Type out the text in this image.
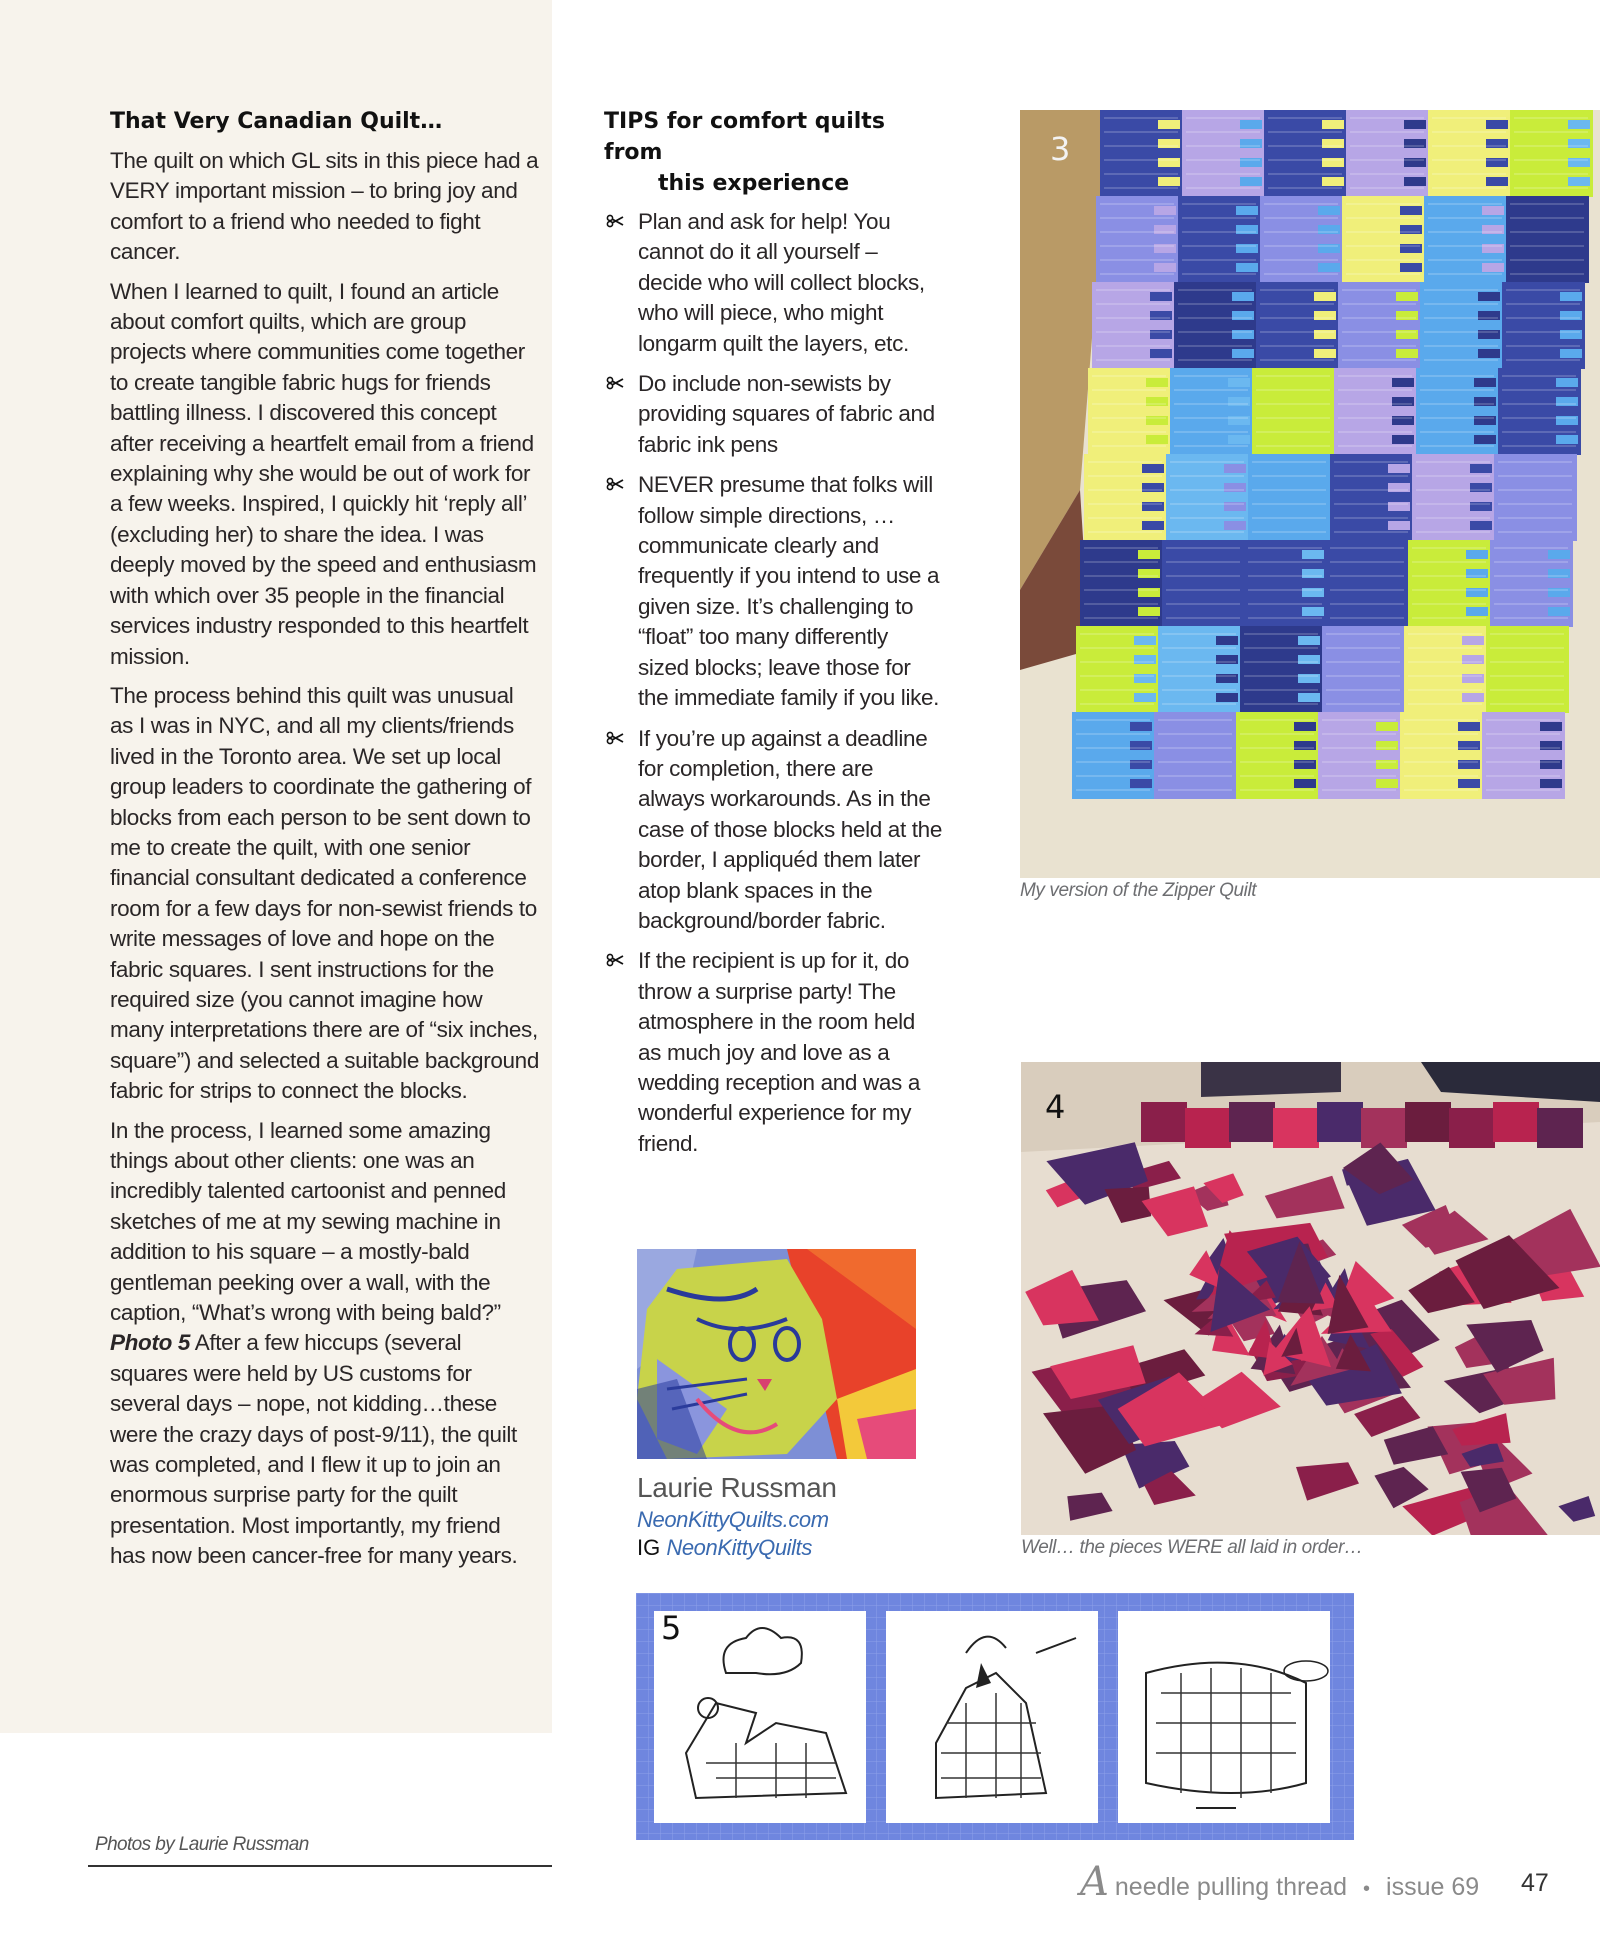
That Very Canadian Quilt…

The quilt on which GL sits in this piece had a VERY important mission – to bring joy and comfort to a friend who needed to fight cancer.

When I learned to quilt, I found an article about comfort quilts, which are group projects where communities come together to create tangible fabric hugs for friends battling illness. I discovered this concept after receiving a heartfelt email from a friend explaining why she would be out of work for a few weeks. Inspired, I quickly hit ‘reply all’ (excluding her) to share the idea. I was deeply moved by the speed and enthusiasm with which over 35 people in the financial services industry responded to this heartfelt mission.

The process behind this quilt was unusual as I was in NYC, and all my clients/friends lived in the Toronto area. We set up local group leaders to coordinate the gathering of blocks from each person to be sent down to me to create the quilt, with one senior financial consultant dedicated a conference room for a few days for non-sewist friends to write messages of love and hope on the fabric squares. I sent instructions for the required size (you cannot imagine how many interpretations there are of “six inches, square”) and selected a suitable background fabric for strips to connect the blocks.

In the process, I learned some amazing things about other clients: one was an incredibly talented cartoonist and penned sketches of me at my sewing machine in addition to his square – a mostly-bald gentleman peeking over a wall, with the caption, “What’s wrong with being bald?” Photo 5 After a few hiccups (several squares were held by US customs for several days – nope, not kidding…these were the crazy days of post-9/11), the quilt was completed, and I flew it up to join an enormous surprise party for the quilt presentation. Most importantly, my friend has now been cancer-free for many years.

TIPS for comfort quilts from
this experience
Plan and ask for help! You cannot do it all yourself – decide who will collect blocks, who will piece, who might longarm quilt the layers, etc.
Do include non-sewists by providing squares of fabric and fabric ink pens
NEVER presume that folks will follow simple directions, …communicate clearly and frequently if you intend to use a given size. It’s challenging to “float” too many differently sized blocks; leave those for the immediate family if you like.
If you’re up against a deadline for completion, there are always workarounds. As in the case of those blocks held at the border, I appliquéd them later atop blank spaces in the background/border fabric.
If the recipient is up for it, do throw a surprise party! The atmosphere in the room held as much joy and love as a wedding reception and was a wonderful experience for my friend.
Laurie Russman
NeonKittyQuilts.com
IG NeonKittyQuilts
3
My version of the Zipper Quilt
4
Well… the pieces WERE all laid in order…
5
Photos by Laurie Russman
A needle pulling thread • issue 69 47
